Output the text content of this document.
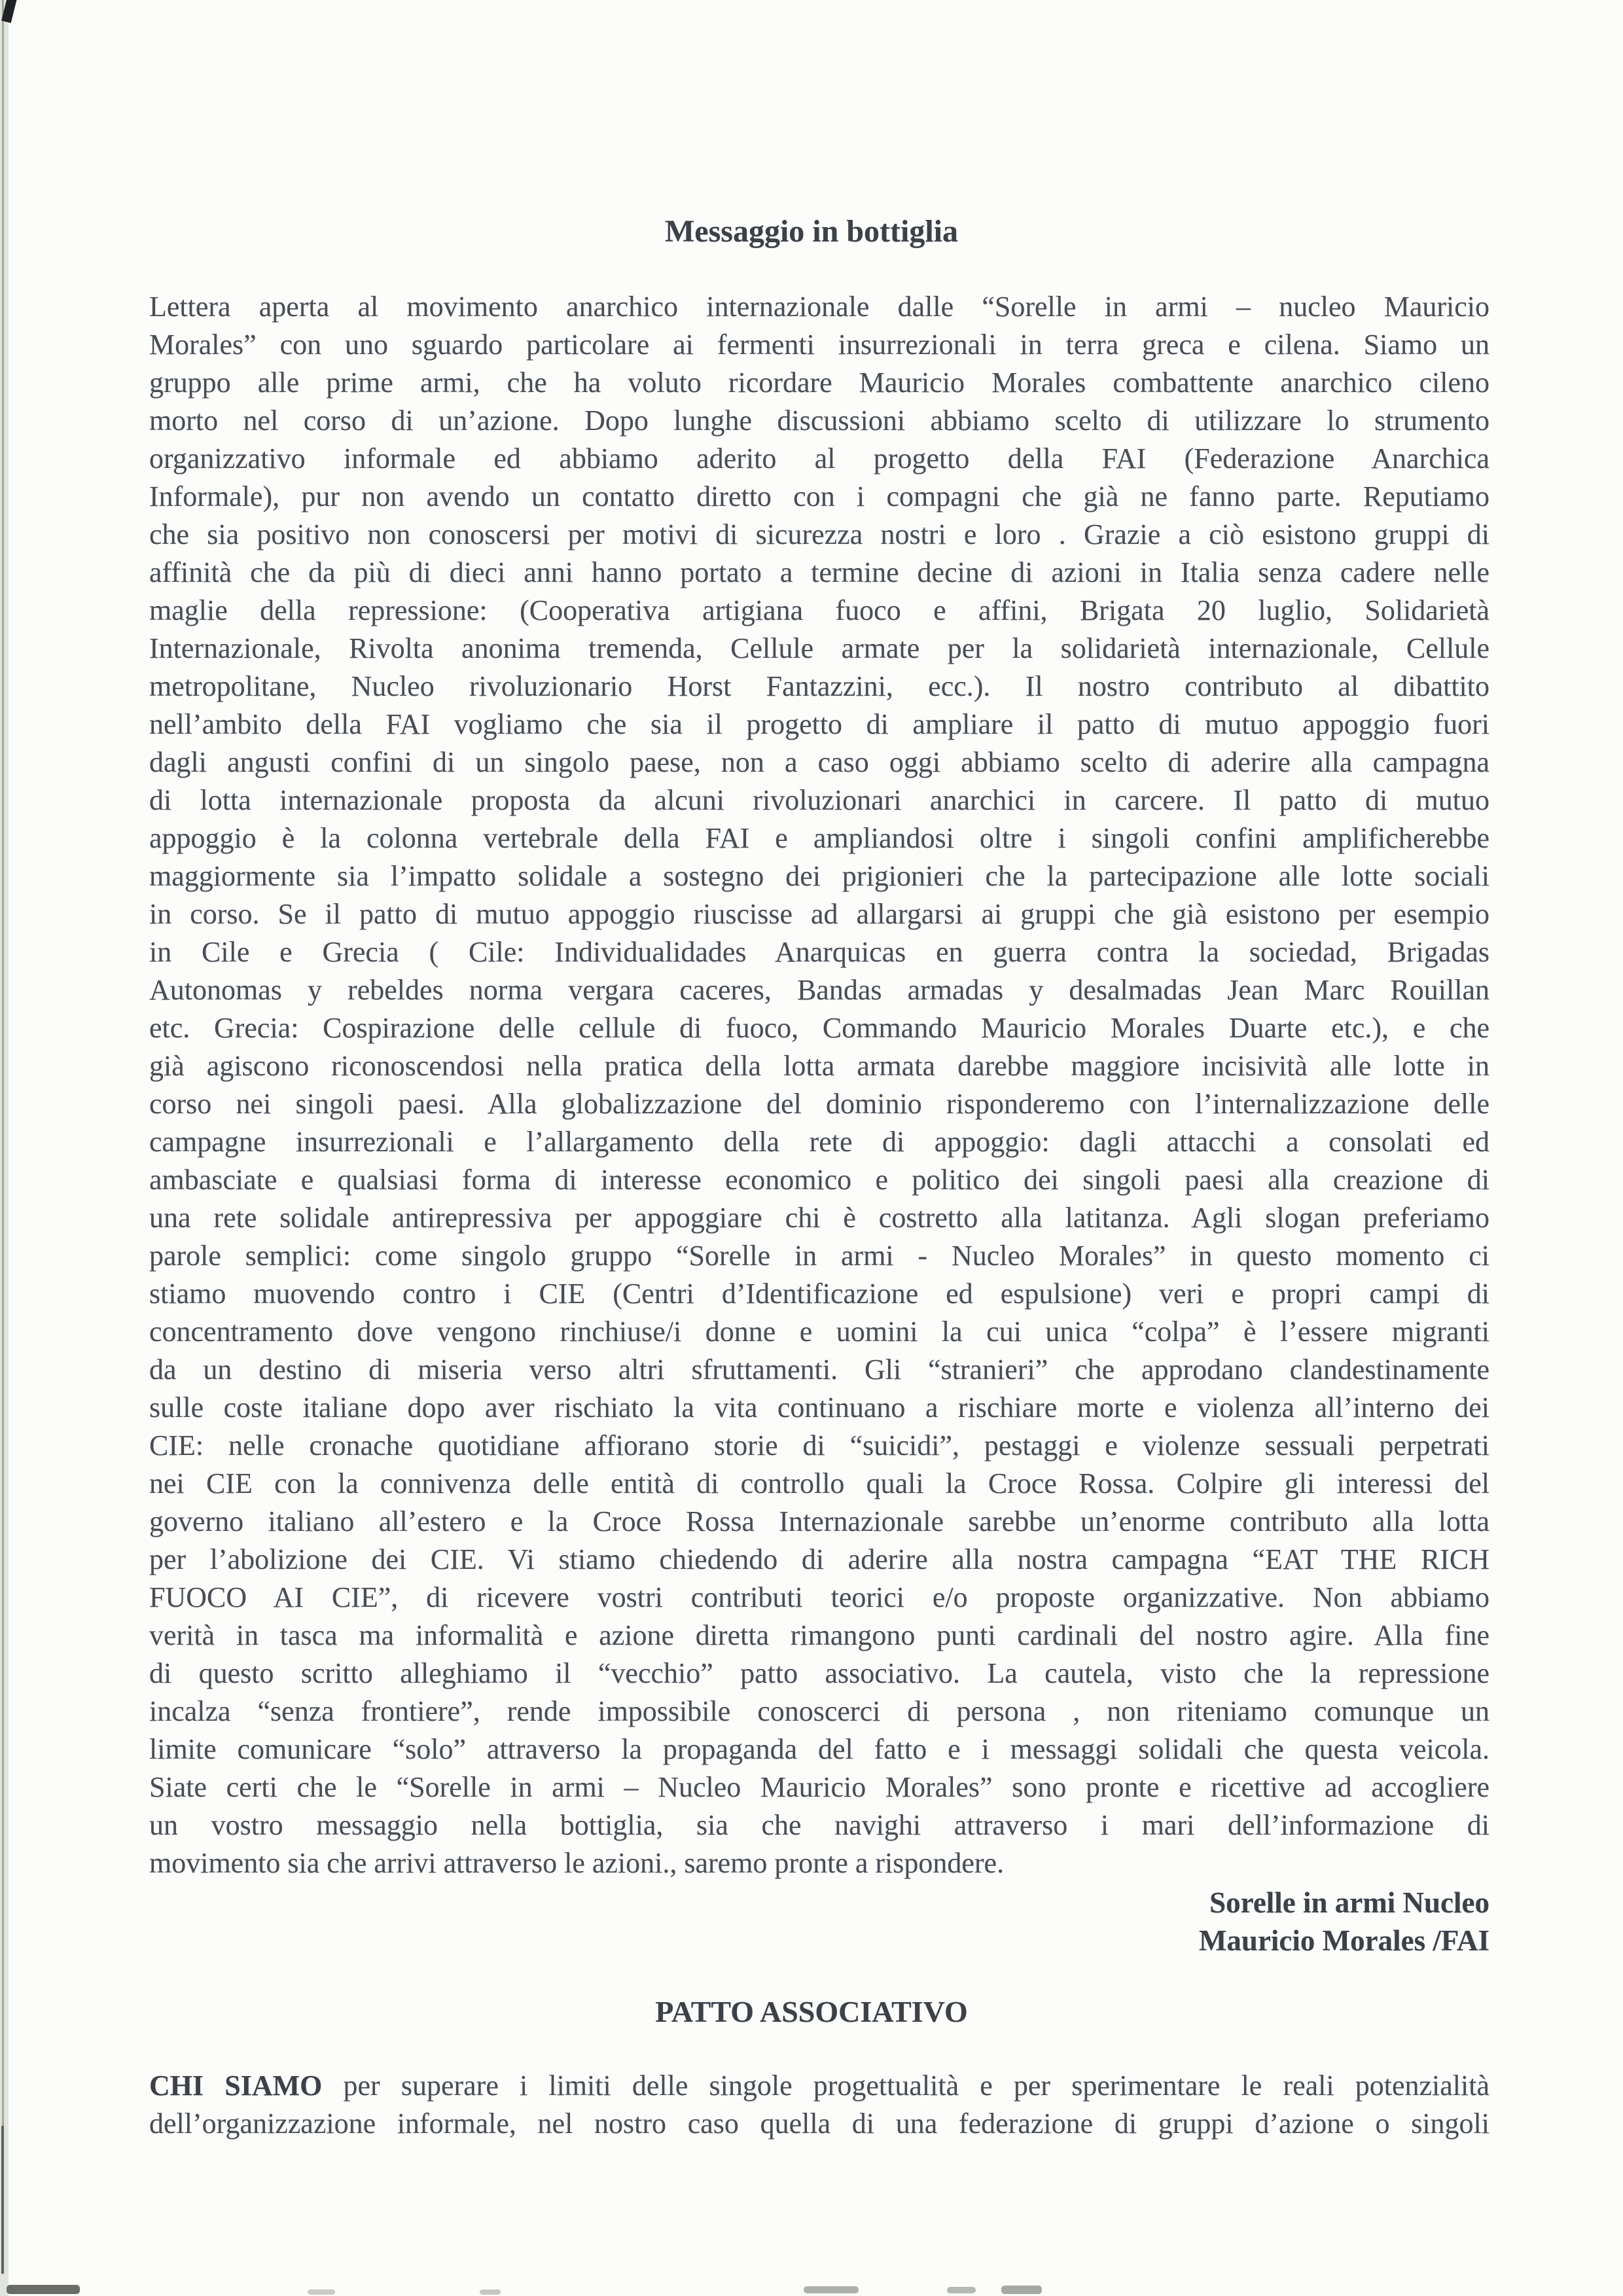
Messaggio in bottiglia
Lettera aperta al movimento anarchico internazionale dalle “Sorelle in armi – nucleo Mauricio
Morales” con uno sguardo particolare ai fermenti insurrezionali in terra greca e cilena. Siamo un
gruppo alle prime armi, che ha voluto ricordare Mauricio Morales combattente anarchico cileno
morto nel corso di un’azione. Dopo lunghe discussioni abbiamo scelto di utilizzare lo strumento
organizzativo informale ed abbiamo aderito al progetto della FAI (Federazione Anarchica
Informale), pur non avendo un contatto diretto con i compagni che già ne fanno parte. Reputiamo
che sia positivo non conoscersi per motivi di sicurezza nostri e loro . Grazie a ciò esistono gruppi di
affinità che da più di dieci anni hanno portato a termine decine di azioni in Italia senza cadere nelle
maglie della repressione: (Cooperativa artigiana fuoco e affini, Brigata 20 luglio, Solidarietà
Internazionale, Rivolta anonima tremenda, Cellule armate per la solidarietà internazionale, Cellule
metropolitane, Nucleo rivoluzionario Horst Fantazzini, ecc.). Il nostro contributo al dibattito
nell’ambito della FAI vogliamo che sia il progetto di ampliare il patto di mutuo appoggio fuori
dagli angusti confini di un singolo paese, non a caso oggi abbiamo scelto di aderire alla campagna
di lotta internazionale proposta da alcuni rivoluzionari anarchici in carcere. Il patto di mutuo
appoggio è la colonna vertebrale della FAI e ampliandosi oltre i singoli confini amplificherebbe
maggiormente sia l’impatto solidale a sostegno dei prigionieri che la partecipazione alle lotte sociali
in corso. Se il patto di mutuo appoggio riuscisse ad allargarsi ai gruppi che già esistono per esempio
in Cile e Grecia ( Cile: Individualidades Anarquicas en guerra contra la sociedad, Brigadas
Autonomas y rebeldes norma vergara caceres, Bandas armadas y desalmadas Jean Marc Rouillan
etc. Grecia: Cospirazione delle cellule di fuoco, Commando Mauricio Morales Duarte etc.), e che
già agiscono riconoscendosi nella pratica della lotta armata darebbe maggiore incisività alle lotte in
corso nei singoli paesi. Alla globalizzazione del dominio risponderemo con l’internalizzazione delle
campagne insurrezionali e l’allargamento della rete di appoggio: dagli attacchi a consolati ed
ambasciate e qualsiasi forma di interesse economico e politico dei singoli paesi alla creazione di
una rete solidale antirepressiva per appoggiare chi è costretto alla latitanza. Agli slogan preferiamo
parole semplici: come singolo gruppo “Sorelle in armi - Nucleo Morales” in questo momento ci
stiamo muovendo contro i CIE (Centri d’Identificazione ed espulsione) veri e propri campi di
concentramento dove vengono rinchiuse/i donne e uomini la cui unica “colpa” è l’essere migranti
da un destino di miseria verso altri sfruttamenti. Gli “stranieri” che approdano clandestinamente
sulle coste italiane dopo aver rischiato la vita continuano a rischiare morte e violenza all’interno dei
CIE: nelle cronache quotidiane affiorano storie di “suicidi”, pestaggi e violenze sessuali perpetrati
nei CIE con la connivenza delle entità di controllo quali la Croce Rossa. Colpire gli interessi del
governo italiano all’estero e la Croce Rossa Internazionale sarebbe un’enorme contributo alla lotta
per l’abolizione dei CIE. Vi stiamo chiedendo di aderire alla nostra campagna “EAT THE RICH
FUOCO AI CIE”, di ricevere vostri contributi teorici e/o proposte organizzative. Non abbiamo
verità in tasca ma informalità e azione diretta rimangono punti cardinali del nostro agire. Alla fine
di questo scritto alleghiamo il “vecchio” patto associativo. La cautela, visto che la repressione
incalza “senza frontiere”, rende impossibile conoscerci di persona , non riteniamo comunque un
limite comunicare “solo” attraverso la propaganda del fatto e i messaggi solidali che questa veicola.
Siate certi che le “Sorelle in armi – Nucleo Mauricio Morales” sono pronte e ricettive ad accogliere
un vostro messaggio nella bottiglia, sia che navighi attraverso i mari dell’informazione di
movimento sia che arrivi attraverso le azioni., saremo pronte a rispondere.
Sorelle in armi Nucleo
Mauricio Morales /FAI
PATTO ASSOCIATIVO
CHI SIAMO per superare i limiti delle singole progettualità e per sperimentare le reali potenzialità
dell’organizzazione informale, nel nostro caso quella di una federazione di gruppi d’azione o singoli
